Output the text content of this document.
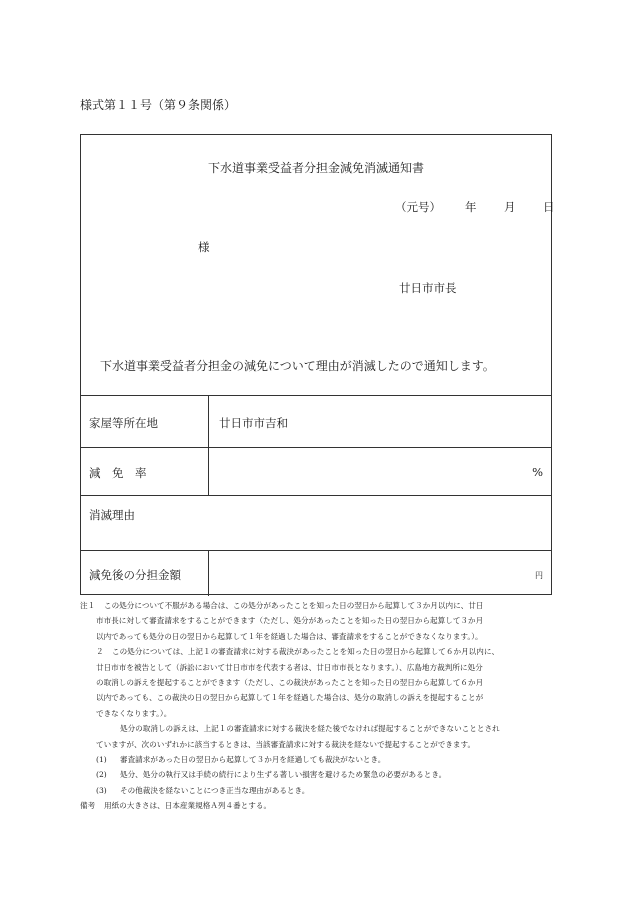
様式第１１号（第９条関係）
下水道事業受益者分担金減免消滅通知書
（元号） 年 月 日
様
廿日市市長
下水道事業受益者分担金の減免について理由が消滅したので通知します。
家屋等所在地	廿日市市吉和
減　免　率	%
消滅理由
減免後の分担金額	円
注１ この処分について不服がある場合は、この処分があったことを知った日の翌日から起算して３か月以内に、廿日
市市長に対して審査請求をすることができます（ただし、処分があったことを知った日の翌日から起算して３か月
以内であっても処分の日の翌日から起算して１年を経過した場合は、審査請求をすることができなくなります。）。
２ この処分については、上記１の審査請求に対する裁決があったことを知った日の翌日から起算して６か月以内に、
廿日市市を被告として（訴訟において廿日市市を代表する者は、廿日市市長となります。）、広島地方裁判所に処分
の取消しの訴えを提起することができます（ただし、この裁決があったことを知った日の翌日から起算して６か月
以内であっても、この裁決の日の翌日から起算して１年を経過した場合は、処分の取消しの訴えを提起することが
できなくなります。）。
処分の取消しの訴えは、上記１の審査請求に対する裁決を経た後でなければ提起することができないこととされ
ていますが、次のいずれかに該当するときは、当該審査請求に対する裁決を経ないで提起することができます。
(1) 審査請求があった日の翌日から起算して３か月を経過しても裁決がないとき。
(2) 処分、処分の執行又は手続の続行により生ずる著しい損害を避けるため緊急の必要があるとき。
(3) その他裁決を経ないことにつき正当な理由があるとき。
備考 用紙の大きさは、日本産業規格Ａ列４番とする。
